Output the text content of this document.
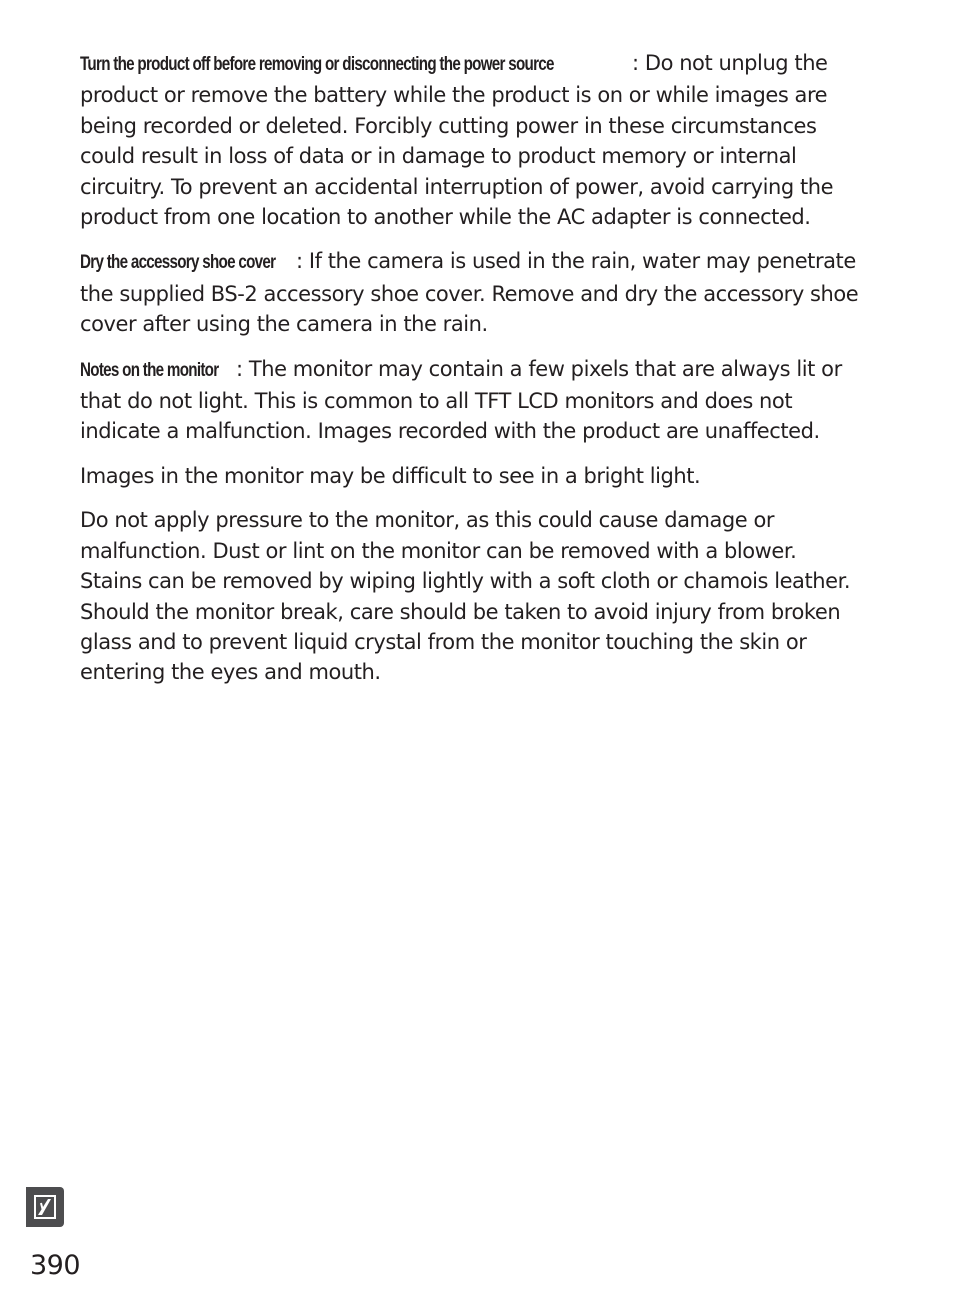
Turn the product off before removing or disconnecting the power source	: Do not unplug the product or remove the battery while the product is on or while images are being recorded or deleted. Forcibly cutting power in these circumstances could result in loss of data or in damage to product memory or internal circuitry. To prevent an accidental interruption of power, avoid carrying the product from one location to another while the AC adapter is connected.

Dry the accessory shoe cover : If the camera is used in the rain, water may penetrate the supplied BS-2 accessory shoe cover. Remove and dry the accessory shoe cover after using the camera in the rain.

Notes on the monitor : The monitor may contain a few pixels that are always lit or that do not light. This is common to all TFT LCD monitors and does not indicate a malfunction. Images recorded with the product are unaffected.

Images in the monitor may be difficult to see in a bright light.

Do not apply pressure to the monitor, as this could cause damage or malfunction. Dust or lint on the monitor can be removed with a blower. Stains can be removed by wiping lightly with a soft cloth or chamois leather. Should the monitor break, care should be taken to avoid injury from broken glass and to prevent liquid crystal from the monitor touching the skin or entering the eyes and mouth.

390
